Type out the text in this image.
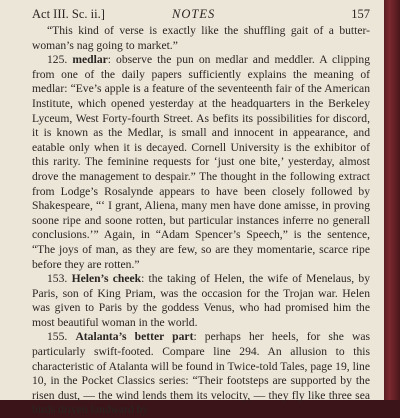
Act III. Sc. ii.]	NOTES	157

“This kind of verse is exactly like the shuffling gait of a butter-woman’s nag going to market.”

125. medlar: observe the pun on medlar and meddler. A clipping from one of the daily papers sufficiently explains the meaning of medlar: “Eve’s apple is a feature of the seventeenth fair of the American Institute, which opened yesterday at the headquarters in the Berkeley Lyceum, West Forty-fourth Street. As befits its possibilities for discord, it is known as the Medlar, is small and innocent in appearance, and eatable only when it is decayed. Cornell University is the exhibitor of this rarity. The feminine requests for ‘just one bite,’ yesterday, almost drove the management to despair.” The thought in the following extract from Lodge’s Rosalynde appears to have been closely followed by Shakespeare, “‘ I grant, Aliena, many men have done amisse, in proving soone ripe and soone rotten, but particular instances inferre no generall conclusions.’” Again, in “Adam Spencer’s Speech,” is the sentence, “The joys of man, as they are few, so are they momentarie, scarce ripe before they are rotten.”

153. Helen’s cheek: the taking of Helen, the wife of Menelaus, by Paris, son of King Priam, was the occasion for the Trojan war. Helen was given to Paris by the goddess Venus, who had promised him the most beautiful woman in the world.

155. Atalanta’s better part: perhaps her heels, for she was particularly swift-footed. Compare line 294. An allusion to this characteristic of Atalanta will be found in Twice-told Tales, page 19, line 10, in the Pocket Classics series: “Their footsteps are supported by the risen dust, — the wind lends them its velocity, — they fly like three sea birds driven landward by
